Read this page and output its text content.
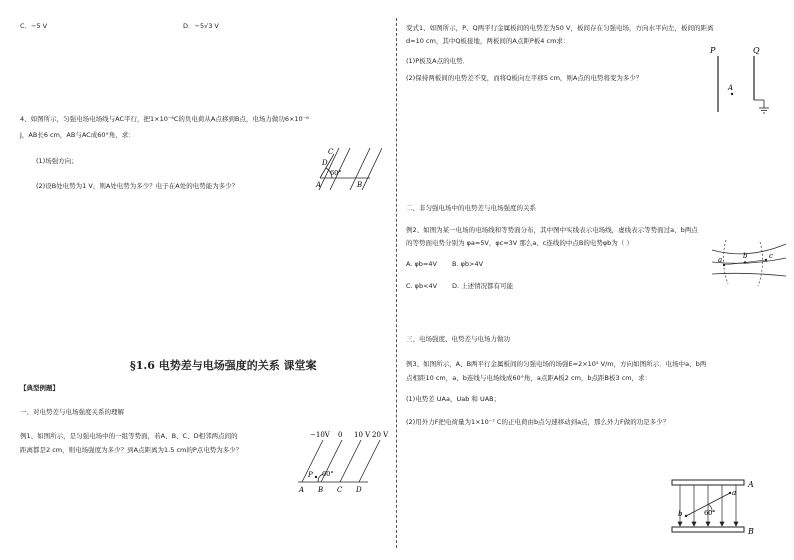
C．−5 V	D．−5√3 V
4、如图所示，匀强电场电场线与AC平行，把1×10⁻⁸C的负电荷从A点移到B点，电场力做功6×10⁻⁸
J，AB长6 cm，AB与AC成60°角，求：
(1)场强方向；
(2)设B处电势为1 V，则A处电势为多少？电子在A处的电势能为多少？
C
D
60°
A	B
§1.6 电势差与电场强度的关系 课堂案
【典型例题】
一、对电势差与电场强度关系的理解
例1、如图所示，是匀强电场中的一组等势面，若A、B、C、D相邻两点间的
距离都是2 cm，则电场强度为多少？到A点距离为1.5 cm的P点电势为多少？
−10V 0 10 V 20 V
P 60°
A B C D
变式1、如图所示，P、Q两平行金属板间的电势差为50 V，板间存在匀强电场，方向水平向左，板间的距离
d=10 cm，其中Q板接地，两板间的A点距P板4 cm求：
(1)P板及A点的电势．
(2)保持两板间的电势差不变，而将Q板向左平移5 cm，则A点的电势将变为多少？
P	Q
A
二、非匀强电场中的电势差与电场强度的关系
例2、如图为某一电场的电场线和等势面分布，其中图中实线表示电场线，虚线表示等势面过a、b两点
的等势面电势分别为 φa=5V，φc=3V 那么a、c连线的中点B的电势φb为（ ）
A. φb=4V B. φb>4V
C. φb<4V D. 上述情况都有可能
a	b	c
三、电场强度、电势差与电场力做功
例3、如图所示，A、B两平行金属板间的匀强电场的场强E=2×10⁵ V/m，方向如图所示．电场中a、b两
点相距10 cm，a、b连线与电场线成60°角，a点距A板2 cm，b点距B板3 cm，求：
(1)电势差 UAa，Uab 和 UAB；
(2)用外力F把电荷量为1×10⁻⁷ C的正电荷由b点匀速移动到a点，那么外力F做的功是多少？
a
b	60°
A
B
